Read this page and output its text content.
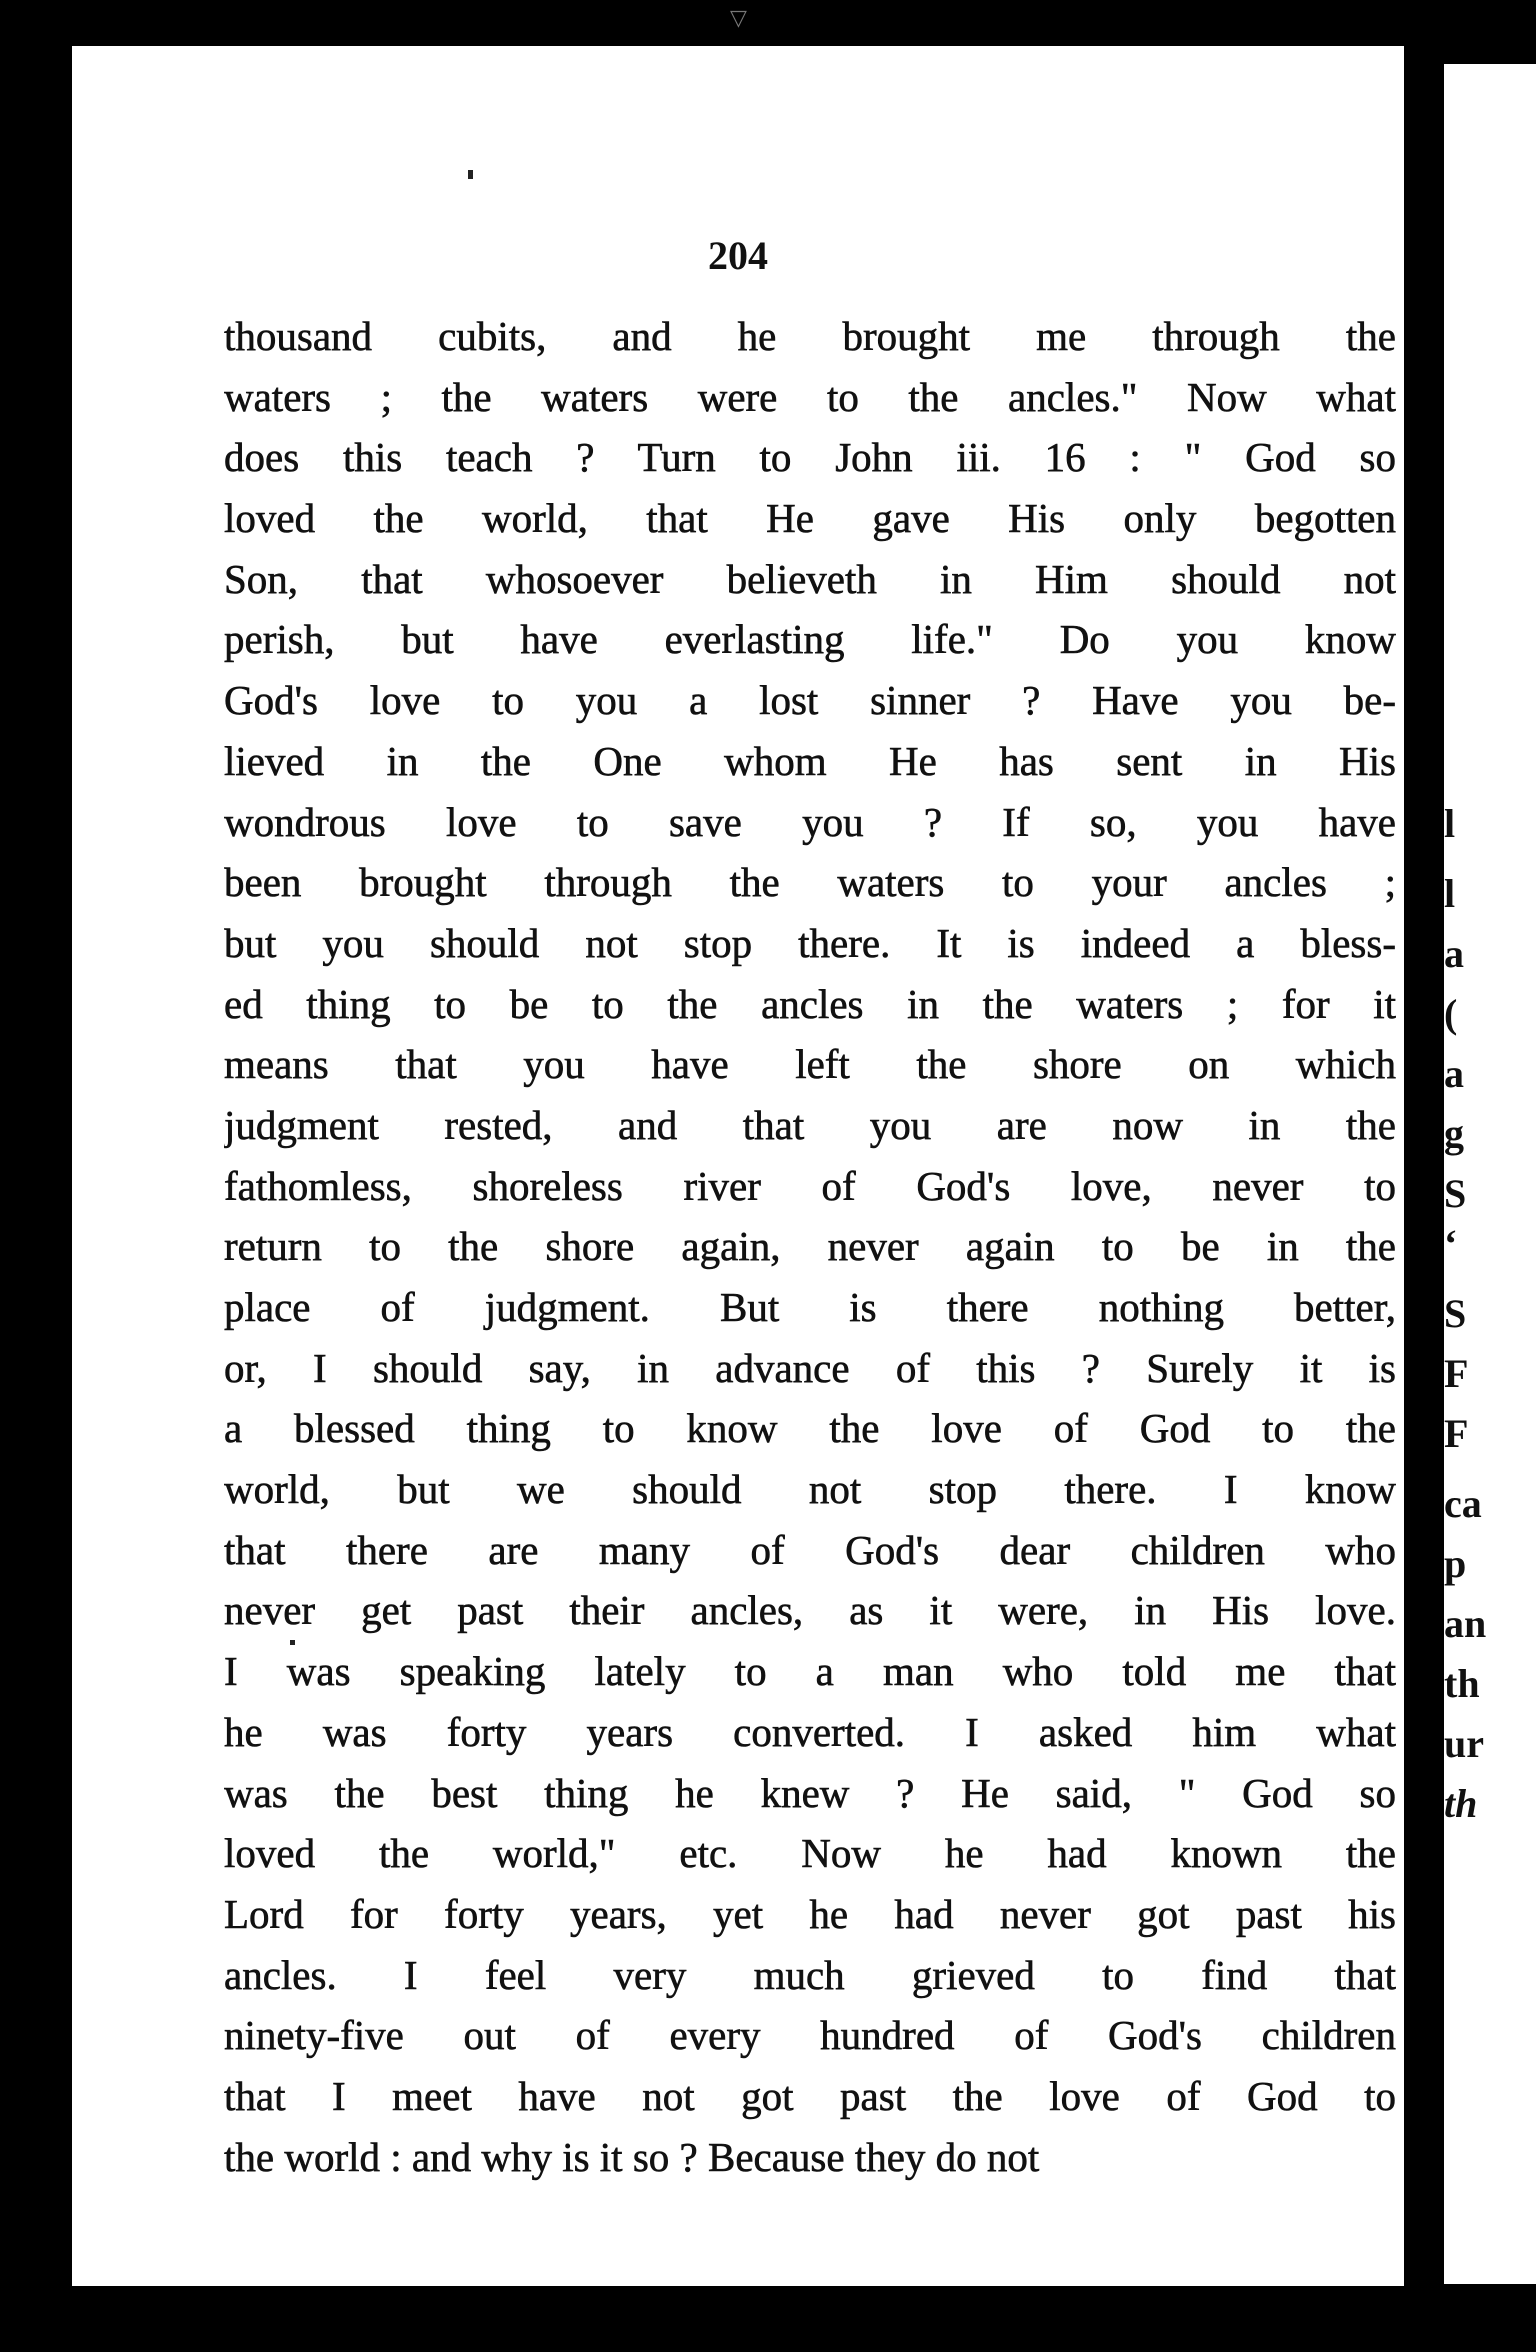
▽
204
thousand cubits, and he brought me through the
waters ; the waters were to the ancles." Now what
does this teach ? Turn to John iii. 16 : " God so
loved the world, that He gave His only begotten
Son, that whosoever believeth in Him should not
perish, but have everlasting life." Do you know
God's love to you a lost sinner ? Have you be-
lieved in the One whom He has sent in His
wondrous love to save you ? If so, you have
been brought through the waters to your ancles ;
but you should not stop there. It is indeed a bless-
ed thing to be to the ancles in the waters ; for it
means that you have left the shore on which
judgment rested, and that you are now in the
fathomless, shoreless river of God's love, never to
return to the shore again, never again to be in the
place of judgment. But is there nothing better,
or, I should say, in advance of this ? Surely it is
a blessed thing to know the love of God to the
world, but we should not stop there. I know
that there are many of God's dear children who
never get past their ancles, as it were, in His love.
I was speaking lately to a man who told me that
he was forty years converted. I asked him what
was the best thing he knew ? He said, " God so
loved the world," etc. Now he had known the
Lord for forty years, yet he had never got past his
ancles. I feel very much grieved to find that
ninety-five out of every hundred of God's children
that I meet have not got past the love of God to
the world : and why is it so ? Because they do not
l
l
a
(
a
g
S
‘
S
F
F
ca
p
an
th
ur
th
